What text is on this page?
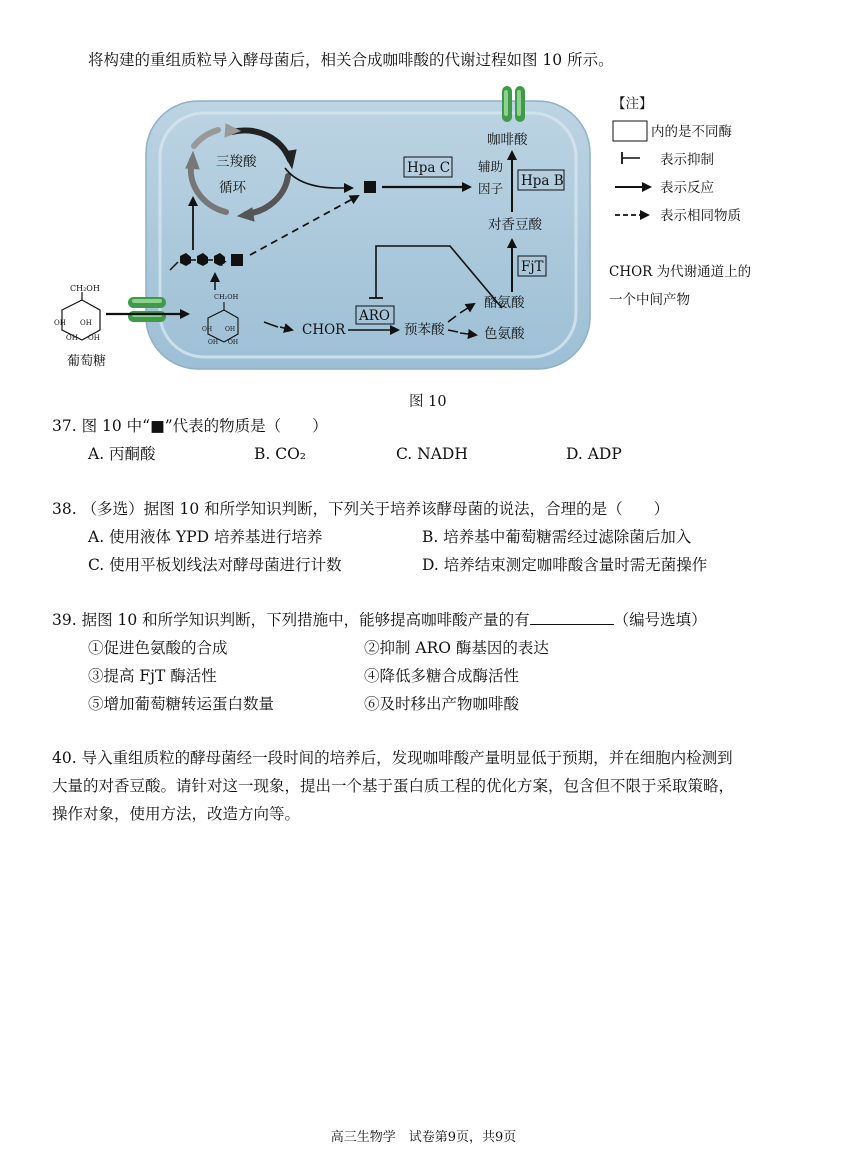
将构建的重组质粒导入酵母菌后，相关合成咖啡酸的代谢过程如图 10 所示。
+
CH₂OH
OH OH
OH OH
葡萄糖
CH₂OH
OH OH
OH OH
CHOR
ARO
预苯酸
酪氨酸
色氨酸
FjT
对香豆酸
Hpa B
咖啡酸
Hpa C 辅助
因子
三羧酸
循环
【注】
内的是不同酶
表示抑制
表示反应
表示相同物质
CHOR 为代谢通道上的
一个中间产物
图 10
37. 图 10 中“■”代表的物质是（　　）
A. 丙酮酸	B. CO₂	C. NADH	D. ADP
38. （多选）据图 10 和所学知识判断，下列关于培养该酵母菌的说法，合理的是（　　）
A. 使用液体 YPD 培养基进行培养	B. 培养基中葡萄糖需经过滤除菌后加入
C. 使用平板划线法对酵母菌进行计数	D. 培养结束测定咖啡酸含量时需无菌操作
39. 据图 10 和所学知识判断，下列措施中，能够提高咖啡酸产量的有	（编号选填）
①促进色氨酸的合成	②抑制 ARO 酶基因的表达
③提高 FjT 酶活性	④降低多糖合成酶活性
⑤增加葡萄糖转运蛋白数量	⑥及时移出产物咖啡酸
40. 导入重组质粒的酵母菌经一段时间的培养后，发现咖啡酸产量明显低于预期，并在细胞内检测到
大量的对香豆酸。请针对这一现象，提出一个基于蛋白质工程的优化方案，包含但不限于采取策略，
操作对象，使用方法，改造方向等。
高三生物学　试卷第9页，共9页
